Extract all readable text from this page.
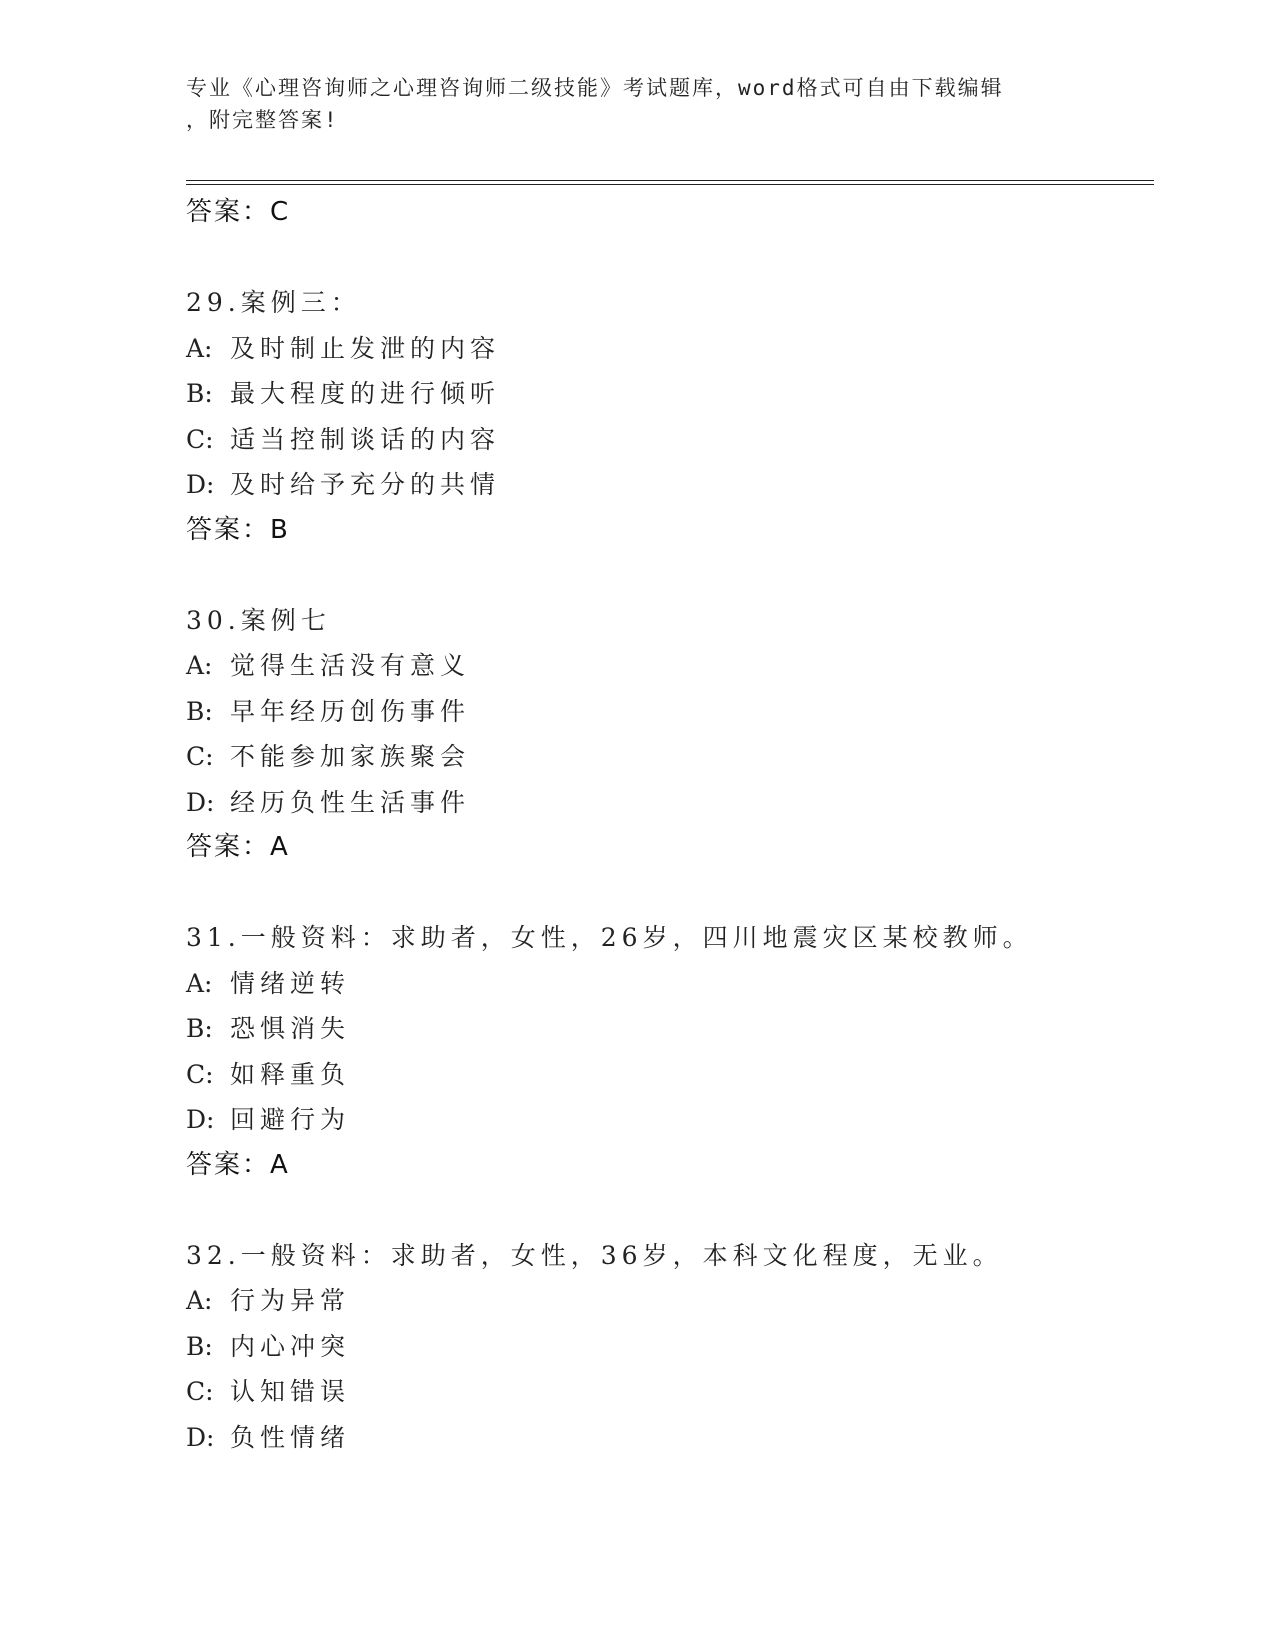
专业《心理咨询师之心理咨询师二级技能》考试题库，word格式可自由下载编辑
，附完整答案!
答案：C
29.案例三：
A: 及时制止发泄的内容
B: 最大程度的进行倾听
C: 适当控制谈话的内容
D: 及时给予充分的共情
答案：B
30.案例七
A: 觉得生活没有意义
B: 早年经历创伤事件
C: 不能参加家族聚会
D: 经历负性生活事件
答案：A
31.一般资料：求助者，女性，26岁，四川地震灾区某校教师。
A: 情绪逆转
B: 恐惧消失
C: 如释重负
D: 回避行为
答案：A
32.一般资料：求助者，女性，36岁，本科文化程度，无业。
A: 行为异常
B: 内心冲突
C: 认知错误
D: 负性情绪
